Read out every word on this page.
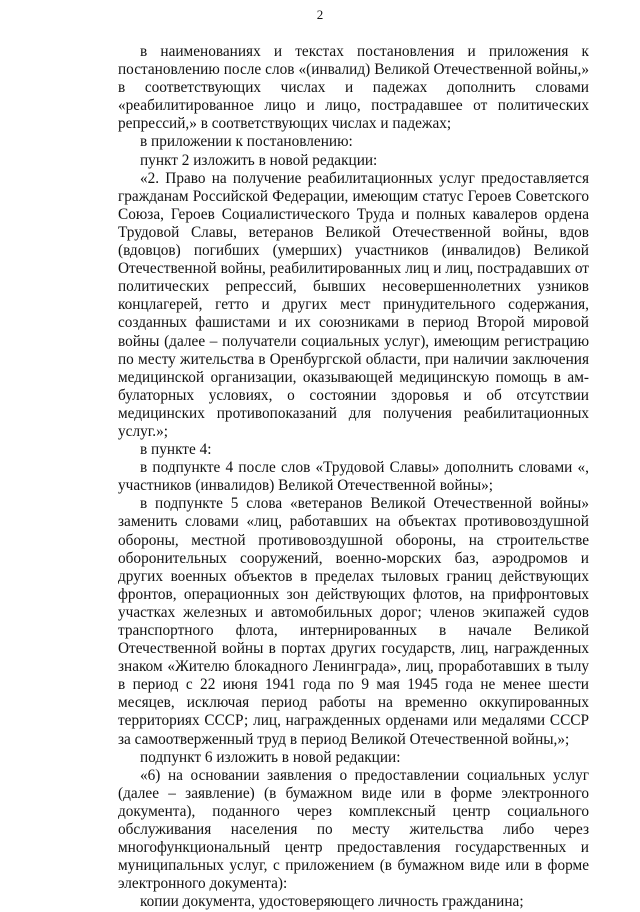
2

в наименованиях и текстах постановления и приложения к постановлению после слов «(инвалид) Великой Отечественной войны,» в соответствующих числах и падежах дополнить словами «реабилитированное лицо и лицо, пострадавшее от политических репрессий,» в соответствующих числах и падежах;

в приложении к постановлению:

пункт 2 изложить в новой редакции:

«2. Право на получение реабилитационных услуг предоставляется гражданам Российской Федерации, имеющим статус Героев Советского Союза, Героев Социалистического Труда и полных кавалеров ордена Трудовой Славы, ветеранов Великой Отечественной войны, вдов (вдовцов) погибших (умерших) участников (инвалидов) Великой Отечественной войны, реабилитированных лиц и лиц, пострадавших от политических репрессий, бывших несовершеннолетних узников концлагерей, гетто и других мест принудительного содержания, созданных фашистами и их союзниками в период Второй мировой войны (далее – получатели социальных услуг), имеющим регистрацию по месту жительства в Оренбургской области, при наличии заключения медицинской организации, оказывающей медицинскую помощь в амбулаторных условиях, о состоянии здоровья и об отсутствии медицинских противопоказаний для получения реабилитационных услуг.»;

в пункте 4:

в подпункте 4 после слов «Трудовой Славы» дополнить словами «, участников (инвалидов) Великой Отечественной войны»;

в подпункте 5 слова «ветеранов Великой Отечественной войны» заменить словами «лиц, работавших на объектах противовоздушной обороны, местной противовоздушной обороны, на строительстве оборонительных сооружений, военно-морских баз, аэродромов и других военных объектов в пределах тыловых границ действующих фронтов, операционных зон действующих флотов, на прифронтовых участках железных и автомобильных дорог; членов экипажей судов транспортного флота, интернированных в начале Великой Отечественной войны в портах других государств, лиц, награжденных знаком «Жителю блокадного Ленинграда», лиц, проработавших в тылу в период с 22 июня 1941 года по 9 мая 1945 года не менее шести месяцев, исключая период работы на временно оккупированных территориях СССР; лиц, награжденных орденами или медалями СССР за самоотверженный труд в период Великой Отечественной войны,»;

подпункт 6 изложить в новой редакции:

«6) на основании заявления о предоставлении социальных услуг (далее – заявление) (в бумажном виде или в форме электронного документа), поданного через комплексный центр социального обслуживания населения по месту жительства либо через многофункциональный центр предоставления государственных и муниципальных услуг, с приложением (в бумажном виде или в форме электронного документа):

копии документа, удостоверяющего личность гражданина;
